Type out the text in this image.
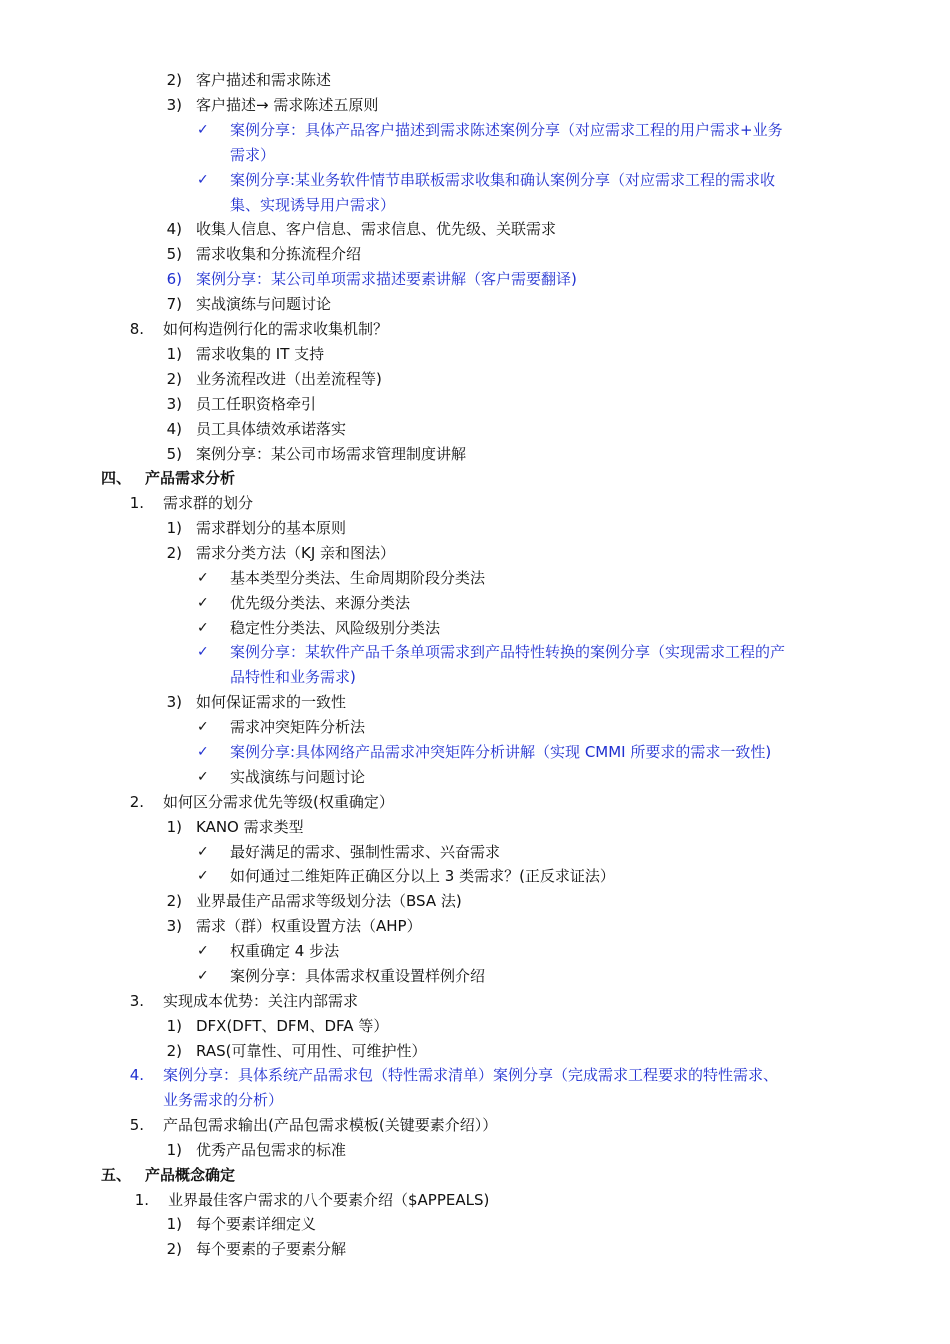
2) 客户描述和需求陈述
3) 客户描述→ 需求陈述五原则
✓ 案例分享：具体产品客户描述到需求陈述案例分享（对应需求工程的用户需求+业务
需求）
✓ 案例分享:某业务软件情节串联板需求收集和确认案例分享（对应需求工程的需求收
集、实现诱导用户需求）
4) 收集人信息、客户信息、需求信息、优先级、关联需求
5) 需求收集和分拣流程介绍
6) 案例分享：某公司单项需求描述要素讲解（客户需要翻译)
7) 实战演练与问题讨论
8. 如何构造例行化的需求收集机制？
1) 需求收集的 IT 支持
2) 业务流程改进（出差流程等)
3) 员工任职资格牵引
4) 员工具体绩效承诺落实
5) 案例分享：某公司市场需求管理制度讲解
四、 产品需求分析
1. 需求群的划分
1) 需求群划分的基本原则
2) 需求分类方法（KJ 亲和图法）
✓ 基本类型分类法、生命周期阶段分类法
✓ 优先级分类法、来源分类法
✓ 稳定性分类法、风险级别分类法
✓ 案例分享：某软件产品千条单项需求到产品特性转换的案例分享（实现需求工程的产
品特性和业务需求)
3) 如何保证需求的一致性
✓ 需求冲突矩阵分析法
✓ 案例分享:具体网络产品需求冲突矩阵分析讲解（实现 CMMI 所要求的需求一致性)
✓ 实战演练与问题讨论
2. 如何区分需求优先等级(权重确定）
1) KANO 需求类型
✓ 最好满足的需求、强制性需求、兴奋需求
✓ 如何通过二维矩阵正确区分以上 3 类需求？(正反求证法）
2) 业界最佳产品需求等级划分法（BSA 法)
3) 需求（群）权重设置方法（AHP）
✓ 权重确定 4 步法
✓ 案例分享：具体需求权重设置样例介绍
3. 实现成本优势：关注内部需求
1) DFX(DFT、DFM、DFA 等）
2) RAS(可靠性、可用性、可维护性）
4. 案例分享：具体系统产品需求包（特性需求清单）案例分享（完成需求工程要求的特性需求、
业务需求的分析）
5. 产品包需求输出(产品包需求模板(关键要素介绍））
1) 优秀产品包需求的标准
五、 产品概念确定
1. 业界最佳客户需求的八个要素介绍（$APPEALS)
1) 每个要素详细定义
2) 每个要素的子要素分解
